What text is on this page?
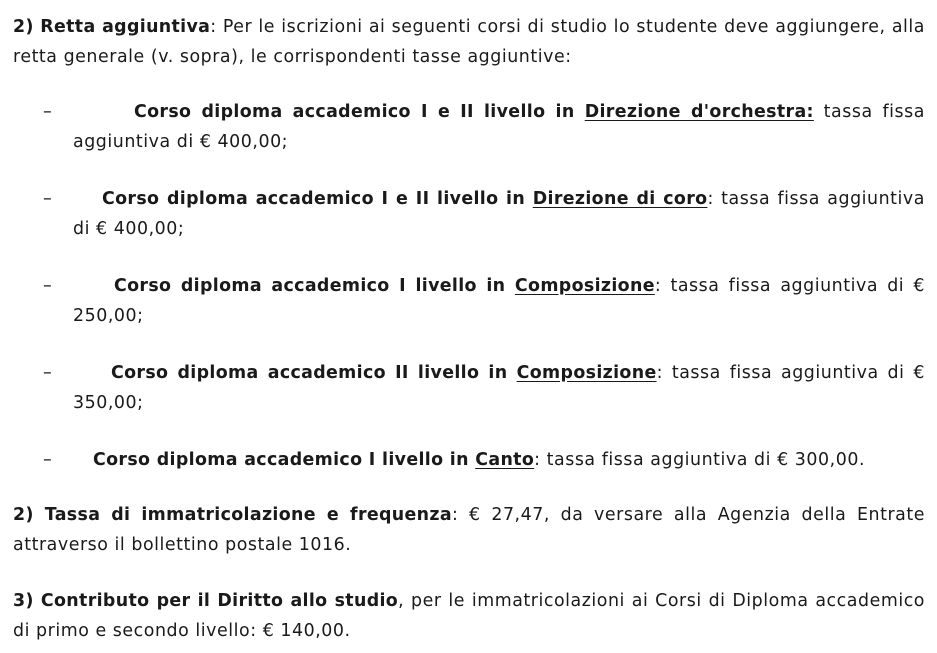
2) Retta aggiuntiva: Per le iscrizioni ai seguenti corsi di studio lo studente deve aggiungere, alla retta generale (v. sopra), le corrispondenti tasse aggiuntive:

–	Corso diploma accademico I e II livello in Direzione d'orchestra: tassa fissa aggiuntiva di € 400,00;

–	Corso diploma accademico I e II livello in Direzione di coro: tassa fissa aggiuntiva di € 400,00;

–	Corso diploma accademico I livello in Composizione: tassa fissa aggiuntiva di € 250,00;

–	Corso diploma accademico II livello in Composizione: tassa fissa aggiuntiva di € 350,00;

– Corso diploma accademico I livello in Canto: tassa fissa aggiuntiva di € 300,00.

2) Tassa di immatricolazione e frequenza: € 27,47, da versare alla Agenzia della Entrate attraverso il bollettino postale 1016.

3) Contributo per il Diritto allo studio, per le immatricolazioni ai Corsi di Diploma accademico di primo e secondo livello: € 140,00.
